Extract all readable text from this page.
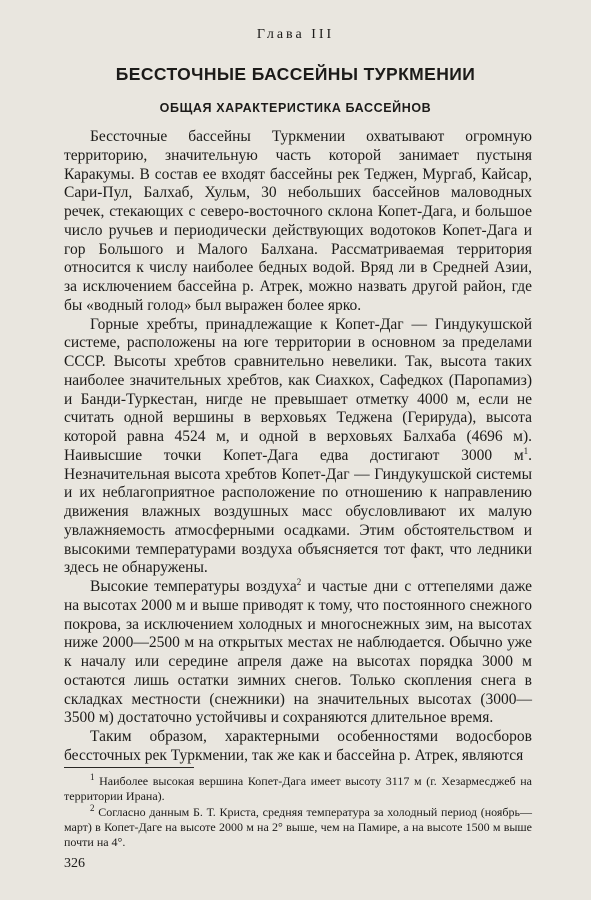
Глава III
БЕССТОЧНЫЕ БАССЕЙНЫ ТУРКМЕНИИ
ОБЩАЯ ХАРАКТЕРИСТИКА БАССЕЙНОВ

Бессточные бассейны Туркмении охватывают огромную территорию, значительную часть которой занимает пустыня Каракумы. В состав ее входят бассейны рек Теджен, Мургаб, Кайсар, Сари-Пул, Балхаб, Хульм, 30 небольших бассейнов маловодных речек, стекающих с северо-восточного склона Копет-Дага, и большое число ручьев и периодически действующих водотоков Копет-Дага и гор Большого и Малого Балхана. Рассматриваемая территория относится к числу наиболее бедных водой. Вряд ли в Средней Азии, за исключением бассейна р. Атрек, можно назвать другой район, где бы «водный голод» был выражен более ярко.

Горные хребты, принадлежащие к Копет-Даг — Гиндукушской системе, расположены на юге территории в основном за пределами СССР. Высоты хребтов сравнительно невелики. Так, высота таких наиболее значительных хребтов, как Сиахкох, Сафедкох (Паропамиз) и Банди-Туркестан, нигде не превышает отметку 4000 м, если не считать одной вершины в верховьях Теджена (Герируда), высота которой равна 4524 м, и одной в верховьях Балхаба (4696 м). Наивысшие точки Копет-Дага едва достигают 3000 $м^1$. Незначительная высота хребтов Копет-Даг — Гиндукушской системы и их неблагоприятное расположение по отношению к направлению движения влажных воздушных масс обусловливают их малую увлажняемость атмосферными осадками. Этим обстоятельством и высокими температурами воздуха объясняется тот факт, что ледники здесь не обнаружены.

Высокие температуры воздуха$^2$ и частые дни с оттепелями даже на высотах 2000 м и выше приводят к тому, что постоянного снежного покрова, за исключением холодных и многоснежных зим, на высотах ниже 2000—2500 м на открытых местах не наблюдается. Обычно уже к началу или середине апреля даже на высотах порядка 3000 м остаются лишь остатки зимних снегов. Только скопления снега в складках местности (снежники) на значительных высотах (3000—3500 м) достаточно устойчивы и сохраняются длительное время.

Таким образом, характерными особенностями водосборов бессточных рек Туркмении, так же как и бассейна р. Атрек, являются

$^1$ Наиболее высокая вершина Копет-Дага имеет высоту 3117 м (г. Хезармесджеб на территории Ирана).

$^2$ Согласно данным Б. Т. Криста, средняя температура за холодный период (ноябрь—март) в Копет-Даге на высоте 2000 м на 2° выше, чем на Памире, а на высоте 1500 м выше почти на 4°.

326
